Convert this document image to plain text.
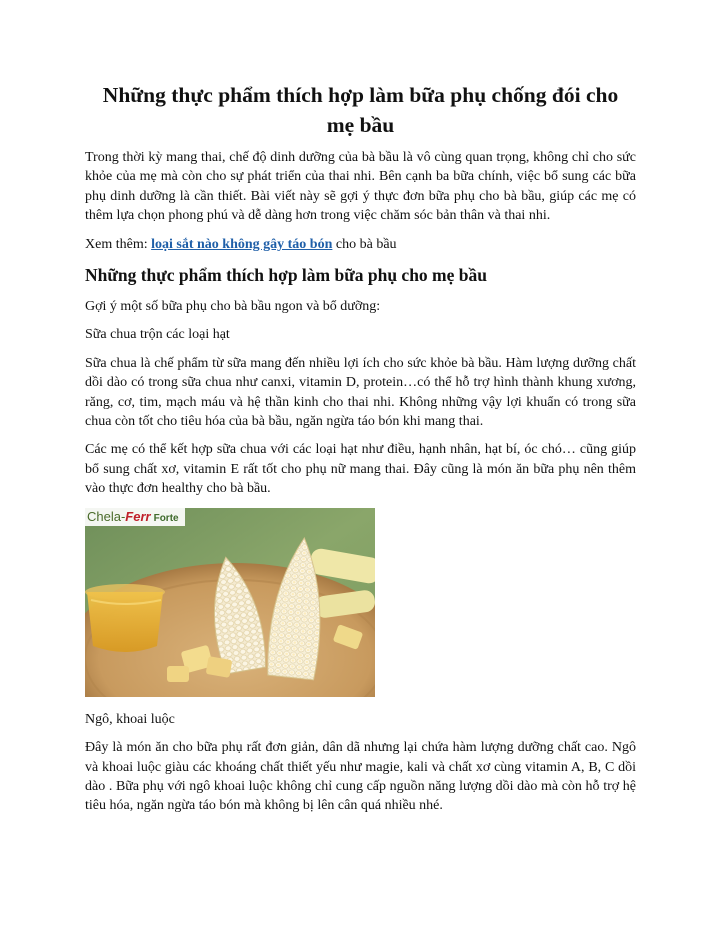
Những thực phẩm thích hợp làm bữa phụ chống đói cho mẹ bầu

Trong thời kỳ mang thai, chế độ dinh dưỡng của bà bầu là vô cùng quan trọng, không chỉ cho sức khỏe của mẹ mà còn cho sự phát triển của thai nhi. Bên cạnh ba bữa chính, việc bổ sung các bữa phụ dinh dưỡng là cần thiết. Bài viết này sẽ gợi ý thực đơn bữa phụ cho bà bầu, giúp các mẹ có thêm lựa chọn phong phú và dễ dàng hơn trong việc chăm sóc bản thân và thai nhi.

Xem thêm: loại sắt nào không gây táo bón cho bà bầu

Những thực phẩm thích hợp làm bữa phụ cho mẹ bầu

Gợi ý một số bữa phụ cho bà bầu ngon và bổ dưỡng:

Sữa chua trộn các loại hạt

Sữa chua là chế phẩm từ sữa mang đến nhiều lợi ích cho sức khỏe bà bầu. Hàm lượng dưỡng chất dồi dào có trong sữa chua như canxi, vitamin D, protein…có thể hỗ trợ hình thành khung xương, răng, cơ, tim, mạch máu và hệ thần kinh cho thai nhi. Không những vậy lợi khuẩn có trong sữa chua còn tốt cho tiêu hóa của bà bầu, ngăn ngừa táo bón khi mang thai.

Các mẹ có thể kết hợp sữa chua với các loại hạt như điều, hạnh nhân, hạt bí, óc chó… cũng giúp bổ sung chất xơ, vitamin E rất tốt cho phụ nữ mang thai. Đây cũng là món ăn bữa phụ nên thêm vào thực đơn healthy cho bà bầu.

Chela-Ferr Forte

Ngô, khoai luộc

Đây là món ăn cho bữa phụ rất đơn giản, dân dã nhưng lại chứa hàm lượng dưỡng chất cao. Ngô và khoai luộc giàu các khoáng chất thiết yếu như magie, kali và chất xơ cùng vitamin A, B, C dồi dào . Bữa phụ với ngô khoai luộc không chỉ cung cấp nguồn năng lượng dồi dào mà còn hỗ trợ hệ tiêu hóa, ngăn ngừa táo bón mà không bị lên cân quá nhiều nhé.
